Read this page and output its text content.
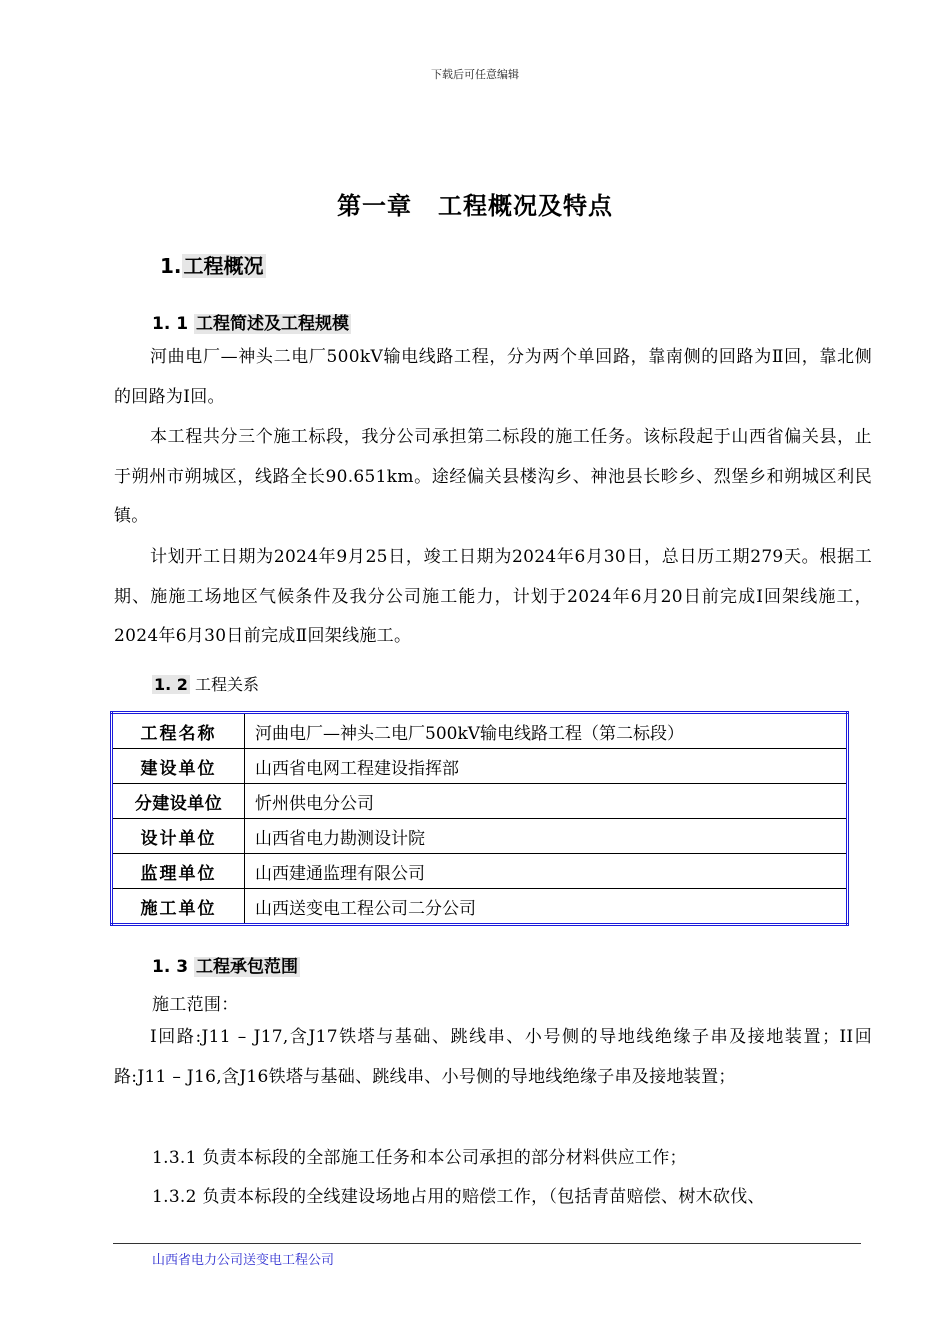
下载后可任意编辑
第一章 工程概况及特点
1. 工程概况
1. 1 工程简述及工程规模

河曲电厂—神头二电厂500kV输电线路工程，分为两个单回路，靠南侧的回路为Ⅱ回，靠北侧的回路为Ⅰ回。

本工程共分三个施工标段，我分公司承担第二标段的施工任务。该标段起于山西省偏关县，止于朔州市朔城区，线路全长90.651km。途经偏关县楼沟乡、神池县长畛乡、烈堡乡和朔城区利民镇。

计划开工日期为2024年9月25日，竣工日期为2024年6月30日，总日历工期279天。根据工期、施施工场地区气候条件及我分公司施工能力，计划于2024年6月20日前完成Ⅰ回架线施工，2024年6月30日前完成Ⅱ回架线施工。

1. 2 工程关系
工程名称	河曲电厂—神头二电厂500kV输电线路工程（第二标段）
建设单位	山西省电网工程建设指挥部
分建设单位	忻州供电分公司
设计单位	山西省电力勘测设计院
监理单位	山西建通监理有限公司
施工单位	山西送变电工程公司二分公司
1. 3 工程承包范围
施工范围：

Ⅰ回路:J11 – J17,含J17铁塔与基础、跳线串、小号侧的导地线绝缘子串及接地装置；II回路:J11 – J16,含J16铁塔与基础、跳线串、小号侧的导地线绝缘子串及接地装置；

1.3.1 负责本标段的全部施工任务和本公司承担的部分材料供应工作；
1.3.2 负责本标段的全线建设场地占用的赔偿工作，（包括青苗赔偿、树木砍伐、
山西省电力公司送变电工程公司
